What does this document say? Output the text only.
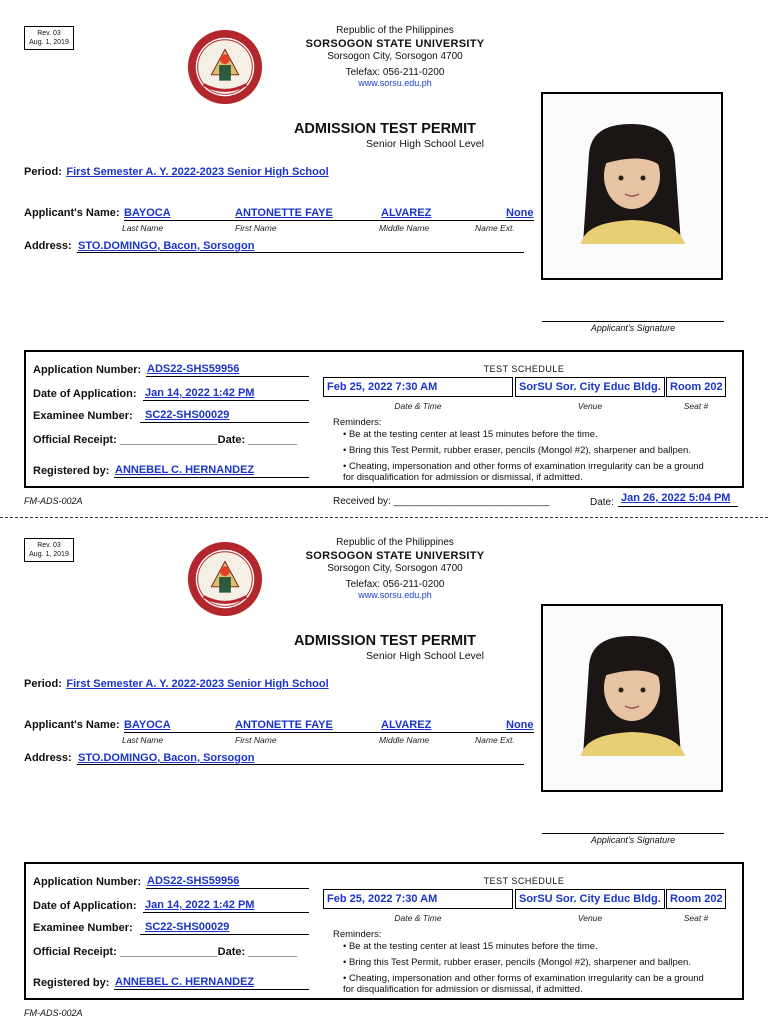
Rev. 03
Aug. 1, 2019
Republic of the Philippines
SORSOGON STATE UNIVERSITY
Sorsogon City, Sorsogon 4700
Telefax: 056-211-0200
www.sorsu.edu.ph
ADMISSION TEST PERMIT
Senior High School Level
Period: First Semester A. Y. 2022-2023 Senior High School
Applicant's Name: BAYOCA	ANTONETTE FAYE	ALVAREZ	None
Last Name	First Name	Middle Name	Name Ext.
Address: STO.DOMINGO, Bacon, Sorsogon
Applicant's Signature
Application Number: ADS22-SHS59956
Date of Application: Jan 14, 2022 1:42 PM
Examinee Number: SC22-SHS00029
Official Receipt: ________________Date: ________
Registered by: ANNEBEL C. HERNANDEZ
TEST SCHEDULE
Feb 25, 2022 7:30 AM	SorSU Sor. City Educ Bldg. Room 202
Date & Time	Venue	Seat #
Reminders:
• Be at the testing center at least 15 minutes before the time.
• Bring this Test Permit, rubber eraser, pencils (Mongol #2), sharpener and ballpen.
• Cheating, impersonation and other forms of examination irregularity can be a ground for disqualification for admission or dismissal, if admitted.
FM-ADS-002A	Received by: ____________________________	Date: Jan 26, 2022 5:04 PM
Rev. 03
Aug. 1, 2019
Republic of the Philippines
SORSOGON STATE UNIVERSITY
Sorsogon City, Sorsogon 4700
Telefax: 056-211-0200
www.sorsu.edu.ph
ADMISSION TEST PERMIT
Senior High School Level
Period: First Semester A. Y. 2022-2023 Senior High School
Applicant's Name: BAYOCA	ANTONETTE FAYE	ALVAREZ	None
Last Name	First Name	Middle Name	Name Ext.
Address: STO.DOMINGO, Bacon, Sorsogon
Applicant's Signature
Application Number: ADS22-SHS59956
Date of Application: Jan 14, 2022 1:42 PM
Examinee Number: SC22-SHS00029
Official Receipt: ________________Date: ________
Registered by: ANNEBEL C. HERNANDEZ
TEST SCHEDULE
Feb 25, 2022 7:30 AM	SorSU Sor. City Educ Bldg. Room 202
Date & Time	Venue	Seat #
Reminders:
• Be at the testing center at least 15 minutes before the time.
• Bring this Test Permit, rubber eraser, pencils (Mongol #2), sharpener and ballpen.
• Cheating, impersonation and other forms of examination irregularity can be a ground for disqualification for admission or dismissal, if admitted.
FM-ADS-002A
